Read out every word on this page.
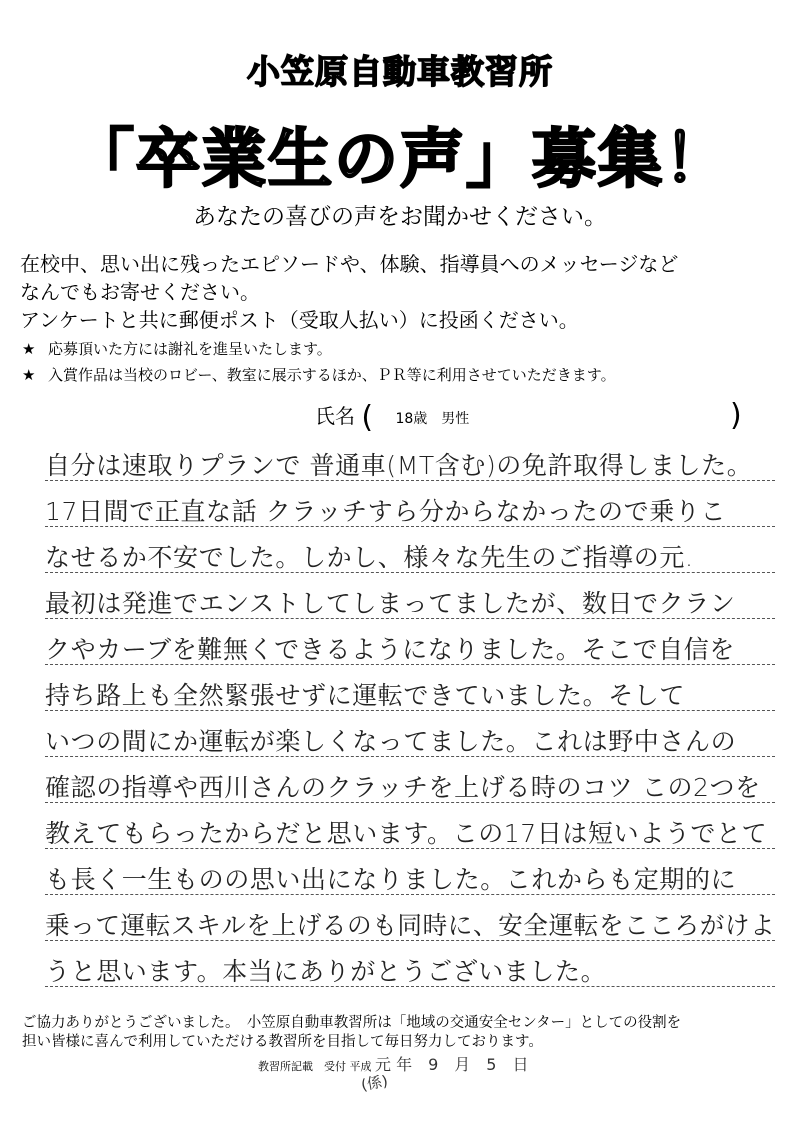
小笠原自動車教習所
「卒業生の声」募集！
あなたの喜びの声をお聞かせください。
在校中、思い出に残ったエピソードや、体験、指導員へのメッセージなど
なんでもお寄せください。
アンケートと共に郵便ポスト（受取人払い）に投函ください。
★ 応募頂いた方には謝礼を進呈いたします。
★ 入賞作品は当校のロビー、教室に展示するほか、ＰＲ等に利用させていただきます。
氏名 ( 18歳　男性	)
自分は速取りプランで 普通車(MT含む)の免許取得しました。
17日間で正直な話 クラッチすら分からなかったので乗りこ
なせるか不安でした。しかし、様々な先生のご指導の元.
最初は発進でエンストしてしまってましたが、数日でクラン
クやカーブを難無くできるようになりました。そこで自信を
持ち路上も全然緊張せずに運転できていました。そして
いつの間にか運転が楽しくなってました。これは野中さんの
確認の指導や西川さんのクラッチを上げる時のコツ この2つを
教えてもらったからだと思います。この17日は短いようでとて
も長く一生ものの思い出になりました。これからも定期的に
乗って運転スキルを上げるのも同時に、安全運転をこころがけよ
うと思います。本当にありがとうございました。
ご協力ありがとうございました。　小笠原自動車教習所は「地域の交通安全センター」としての役割を
担い皆様に喜んで利用していただける教習所を目指して毎日努力しております。
教習所記載　受付 平成 元 年　9　月　5　日
(係)
